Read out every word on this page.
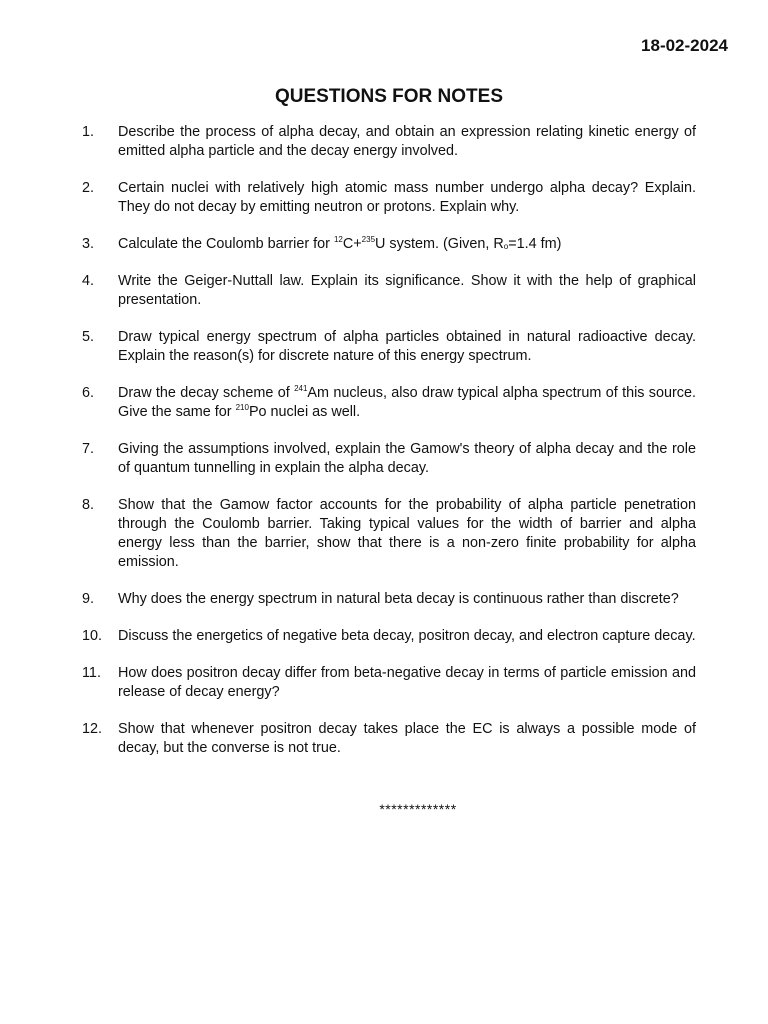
18-02-2024
QUESTIONS FOR NOTES
1.	Describe the process of alpha decay, and obtain an expression relating kinetic energy of emitted alpha particle and the decay energy involved.
2.	Certain nuclei with relatively high atomic mass number undergo alpha decay? Explain. They do not decay by emitting neutron or protons. Explain why.
3.	Calculate the Coulomb barrier for $^{12}$C+$^{235}$U system. (Given, $R_o=1.4$ fm)
4.	Write the Geiger-Nuttall law. Explain its significance. Show it with the help of graphical presentation.
5.	Draw typical energy spectrum of alpha particles obtained in natural radioactive decay. Explain the reason(s) for discrete nature of this energy spectrum.
6.	Draw the decay scheme of $^{241}$Am nucleus, also draw typical alpha spectrum of this source. Give the same for $^{210}$Po nuclei as well.
7.	Giving the assumptions involved, explain the Gamow's theory of alpha decay and the role of quantum tunnelling in explain the alpha decay.
8.	Show that the Gamow factor accounts for the probability of alpha particle penetration through the Coulomb barrier. Taking typical values for the width of barrier and alpha energy less than the barrier, show that there is a non-zero finite probability for alpha emission.
9.	Why does the energy spectrum in natural beta decay is continuous rather than discrete?
10.	Discuss the energetics of negative beta decay, positron decay, and electron capture decay.
11.	How does positron decay differ from beta-negative decay in terms of particle emission and release of decay energy?
12.	Show that whenever positron decay takes place the EC is always a possible mode of decay, but the converse is not true.
*************
